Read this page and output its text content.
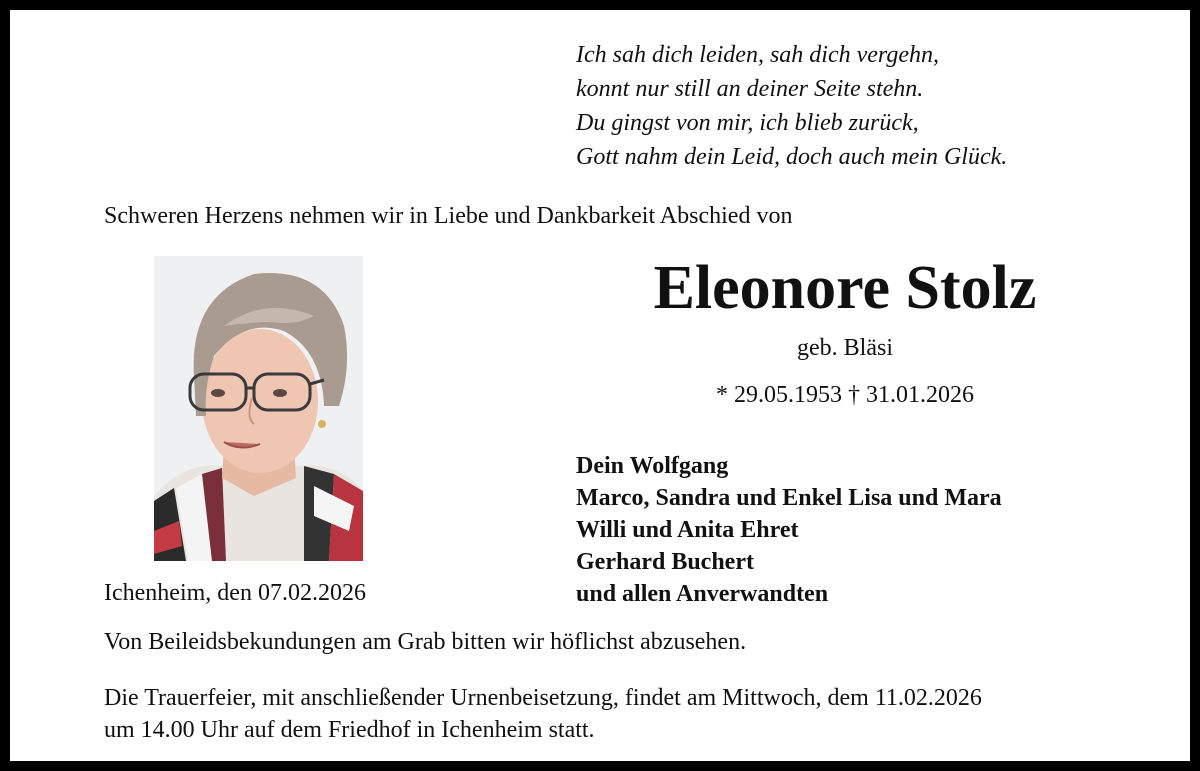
Ich sah dich leiden, sah dich vergehn,
konnt nur still an deiner Seite stehn.
Du gingst von mir, ich blieb zurück,
Gott nahm dein Leid, doch auch mein Glück.
Schweren Herzens nehmen wir in Liebe und Dankbarkeit Abschied von
Eleonore Stolz
geb. Bläsi
* 29.05.1953 † 31.01.2026
Dein Wolfgang
Marco, Sandra und Enkel Lisa und Mara
Willi und Anita Ehret
Gerhard Buchert
und allen Anverwandten
Ichenheim, den 07.02.2026
Von Beileidsbekundungen am Grab bitten wir höflichst abzusehen.
Die Trauerfeier, mit anschließender Urnenbeisetzung, findet am Mittwoch, dem 11.02.2026
um 14.00 Uhr auf dem Friedhof in Ichenheim statt.
